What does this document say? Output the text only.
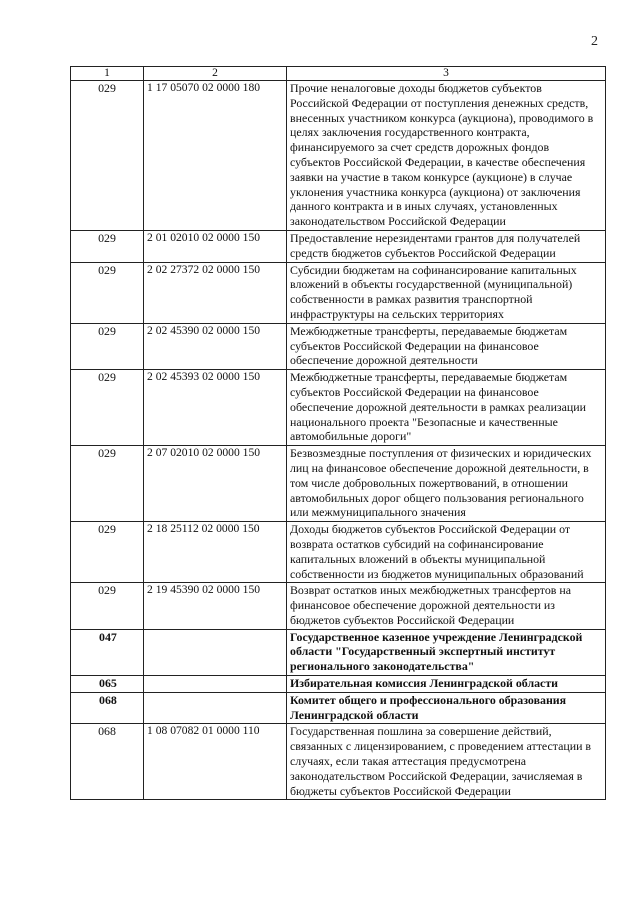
2
1	2	3
029	1 17 05070 02 0000 180	Прочие неналоговые доходы бюджетов субъектов Российской Федерации от поступления денежных средств, внесенных участником конкурса (аукциона), проводимого в целях заключения государственного контракта, финансируемого за счет средств дорожных фондов субъектов Российской Федерации, в качестве обеспечения заявки на участие в таком конкурсе (аукционе) в случае уклонения участника конкурса (аукциона) от заключения данного контракта и в иных случаях, установленных законодательством Российской Федерации
029	2 01 02010 02 0000 150	Предоставление нерезидентами грантов для получателей средств бюджетов субъектов Российской Федерации
029	2 02 27372 02 0000 150	Субсидии бюджетам на софинансирование капитальных вложений в объекты государственной (муниципальной) собственности в рамках развития транспортной инфраструктуры на сельских территориях
029	2 02 45390 02 0000 150	Межбюджетные трансферты, передаваемые бюджетам субъектов Российской Федерации на финансовое обеспечение дорожной деятельности
029	2 02 45393 02 0000 150	Межбюджетные трансферты, передаваемые бюджетам субъектов Российской Федерации на финансовое обеспечение дорожной деятельности в рамках реализации национального проекта "Безопасные и качественные автомобильные дороги"
029	2 07 02010 02 0000 150	Безвозмездные поступления от физических и юридических лиц на финансовое обеспечение дорожной деятельности, в том числе добровольных пожертвований, в отношении автомобильных дорог общего пользования регионального или межмуниципального значения
029	2 18 25112 02 0000 150	Доходы бюджетов субъектов Российской Федерации от возврата остатков субсидий на софинансирование капитальных вложений в объекты муниципальной собственности из бюджетов муниципальных образований
029	2 19 45390 02 0000 150	Возврат остатков иных межбюджетных трансфертов на финансовое обеспечение дорожной деятельности из бюджетов субъектов Российской Федерации
047		Государственное казенное учреждение Ленинградской области "Государственный экспертный институт регионального законодательства"
065		Избирательная комиссия Ленинградской области
068		Комитет общего и профессионального образования Ленинградской области
068	1 08 07082 01 0000 110	Государственная пошлина за совершение действий, связанных с лицензированием, с проведением аттестации в случаях, если такая аттестация предусмотрена законодательством Российской Федерации, зачисляемая в бюджеты субъектов Российской Федерации
